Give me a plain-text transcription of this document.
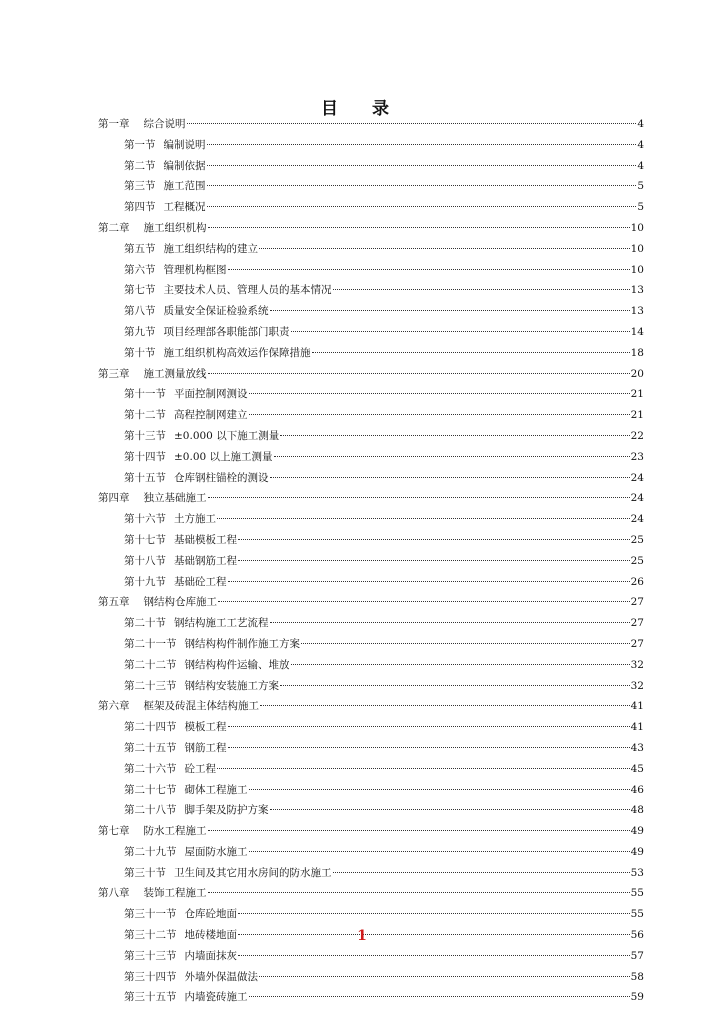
目 录
第一章 综合说明	4
第一节 编制说明	4
第二节 编制依据	4
第三节 施工范围	5
第四节 工程概况	5
第二章 施工组织机构	10
第五节 施工组织结构的建立	10
第六节 管理机构框图	10
第七节 主要技术人员、管理人员的基本情况	13
第八节 质量安全保证检验系统	13
第九节 项目经理部各职能部门职责	14
第十节 施工组织机构高效运作保障措施	18
第三章 施工测量放线	20
第十一节 平面控制网测设	21
第十二节 高程控制网建立	21
第十三节 ±0.000 以下施工测量	22
第十四节 ±0.00 以上施工测量	23
第十五节 仓库钢柱锚栓的测设	24
第四章 独立基础施工	24
第十六节 土方施工	24
第十七节 基础模板工程	25
第十八节 基础钢筋工程	25
第十九节 基础砼工程	26
第五章 钢结构仓库施工	27
第二十节 钢结构施工工艺流程	27
第二十一节 钢结构构件制作施工方案	27
第二十二节 钢结构构件运输、堆放	32
第二十三节 钢结构安装施工方案	32
第六章 框架及砖混主体结构施工	41
第二十四节 模板工程	41
第二十五节 钢筋工程	43
第二十六节 砼工程	45
第二十七节 砌体工程施工	46
第二十八节 脚手架及防护方案	48
第七章 防水工程施工	49
第二十九节 屋面防水施工	49
第三十节 卫生间及其它用水房间的防水施工	53
第八章 装饰工程施工	55
第三十一节 仓库砼地面	55
第三十二节 地砖楼地面	56
第三十三节 内墙面抹灰	57
第三十四节 外墙外保温做法	58
第三十五节 内墙瓷砖施工	59
1
